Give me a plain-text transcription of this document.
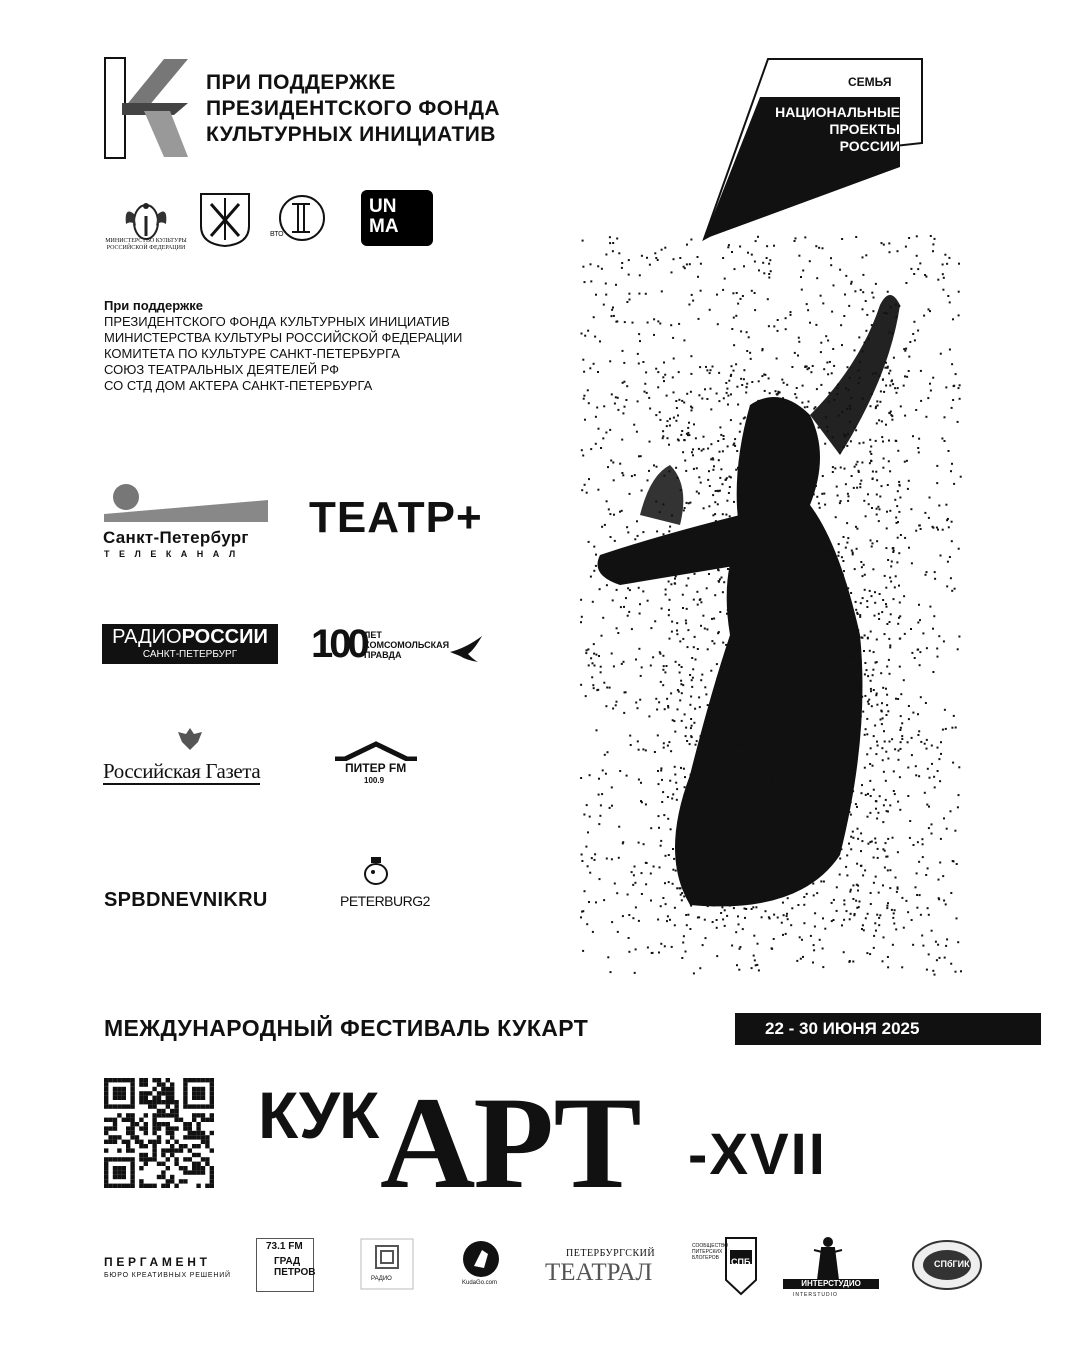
ПРИ ПОДДЕРЖКЕ
ПРЕЗИДЕНТСКОГО ФОНДА
КУЛЬТУРНЫХ ИНИЦИАТИВ
СЕМЬЯ
НАЦИОНАЛЬНЫЕ
ПРОЕКТЫ
РОССИИ
МИНИСТЕРСТВО КУЛЬТУРЫ РОССИЙСКОЙ ФЕДЕРАЦИИ
ВТО
UN
MA
При поддержке
ПРЕЗИДЕНТСКОГО ФОНДА КУЛЬТУРНЫХ ИНИЦИАТИВ
МИНИСТЕРСТВА КУЛЬТУРЫ РОССИЙСКОЙ ФЕДЕРАЦИИ
КОМИТЕТА ПО КУЛЬТУРЕ САНКТ-ПЕТЕРБУРГА
СОЮЗ ТЕАТРАЛЬНЫХ ДЕЯТЕЛЕЙ РФ
СО СТД ДОМ АКТЕРА САНКТ-ПЕТЕРБУРГА
Санкт-Петербург
ТЕЛЕКАНАЛ
ТЕАТР+
РАДИОРОССИИ
САНКТ-ПЕТЕРБУРГ	100
ЛЕТ
КОМСОМОЛЬСКАЯ
ПРАВДА
Российская Газета	ПИТЕР FM
100.9
SPBDNEVNIKRU	PETERBURG2
МЕЖДУНАРОДНЫЙ ФЕСТИВАЛЬ КУКАРТ	22 - 30 ИЮНЯ 2025
КУК АРТ -XVII
ПЕРГАМЕНТ
БЮРО КРЕАТИВНЫХ РЕШЕНИЙ
73.1 FM
ГРАД
ПЕТРОВ
РАДИО
KudaGo.com
ПЕТЕРБУРГСКИЙ
ТЕАТРАЛ
СООБЩЕСТВО ПИТЕРСКИХ БЛОГЕРОВ	СПБ
ИНТЕРСТУДИО
INTERSTUDIO
СПбГИК
